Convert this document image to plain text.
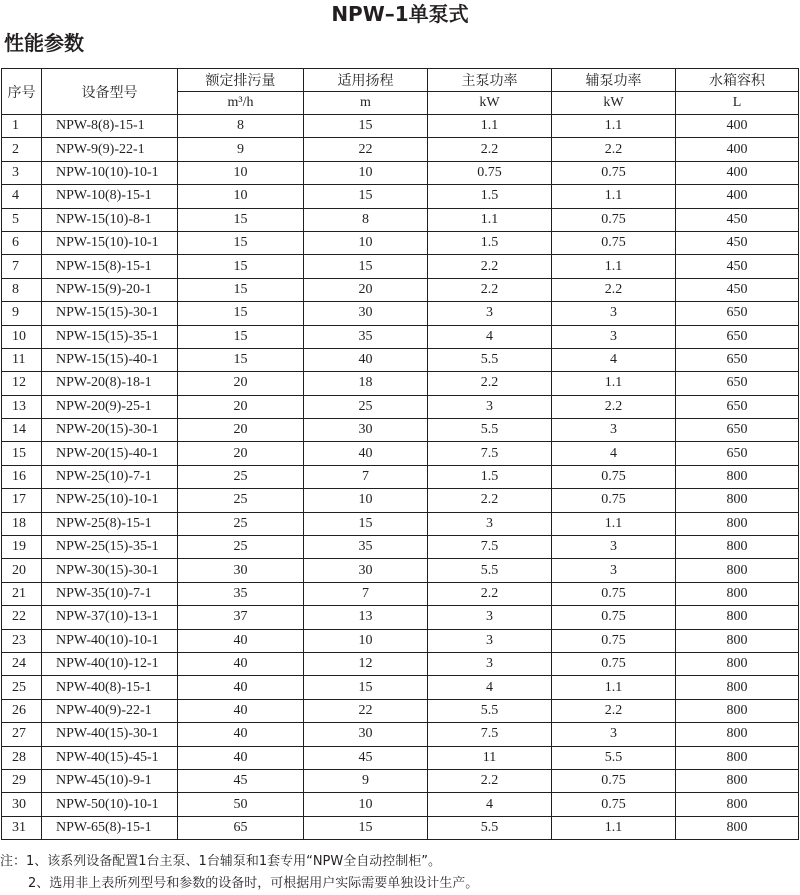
NPW–1单泵式
性能参数
序号	设备型号	额定排污量	适用扬程	主泵功率	辅泵功率	水箱容积
		m³/h	m	kW	kW	L
1	NPW-8(8)-15-1	8	15	1.1	1.1	400
2	NPW-9(9)-22-1	9	22	2.2	2.2	400
3	NPW-10(10)-10-1	10	10	0.75	0.75	400
4	NPW-10(8)-15-1	10	15	1.5	1.1	400
5	NPW-15(10)-8-1	15	8	1.1	0.75	450
6	NPW-15(10)-10-1	15	10	1.5	0.75	450
7	NPW-15(8)-15-1	15	15	2.2	1.1	450
8	NPW-15(9)-20-1	15	20	2.2	2.2	450
9	NPW-15(15)-30-1	15	30	3	3	650
10	NPW-15(15)-35-1	15	35	4	3	650
11	NPW-15(15)-40-1	15	40	5.5	4	650
12	NPW-20(8)-18-1	20	18	2.2	1.1	650
13	NPW-20(9)-25-1	20	25	3	2.2	650
14	NPW-20(15)-30-1	20	30	5.5	3	650
15	NPW-20(15)-40-1	20	40	7.5	4	650
16	NPW-25(10)-7-1	25	7	1.5	0.75	800
17	NPW-25(10)-10-1	25	10	2.2	0.75	800
18	NPW-25(8)-15-1	25	15	3	1.1	800
19	NPW-25(15)-35-1	25	35	7.5	3	800
20	NPW-30(15)-30-1	30	30	5.5	3	800
21	NPW-35(10)-7-1	35	7	2.2	0.75	800
22	NPW-37(10)-13-1	37	13	3	0.75	800
23	NPW-40(10)-10-1	40	10	3	0.75	800
24	NPW-40(10)-12-1	40	12	3	0.75	800
25	NPW-40(8)-15-1	40	15	4	1.1	800
26	NPW-40(9)-22-1	40	22	5.5	2.2	800
27	NPW-40(15)-30-1	40	30	7.5	3	800
28	NPW-40(15)-45-1	40	45	11	5.5	800
29	NPW-45(10)-9-1	45	9	2.2	0.75	800
30	NPW-50(10)-10-1	50	10	4	0.75	800
31	NPW-65(8)-15-1	65	15	5.5	1.1	800
注：1、该系列设备配置1台主泵、1台辅泵和1套专用“NPW全自动控制柜”。
2、选用非上表所列型号和参数的设备时，可根据用户实际需要单独设计生产。
